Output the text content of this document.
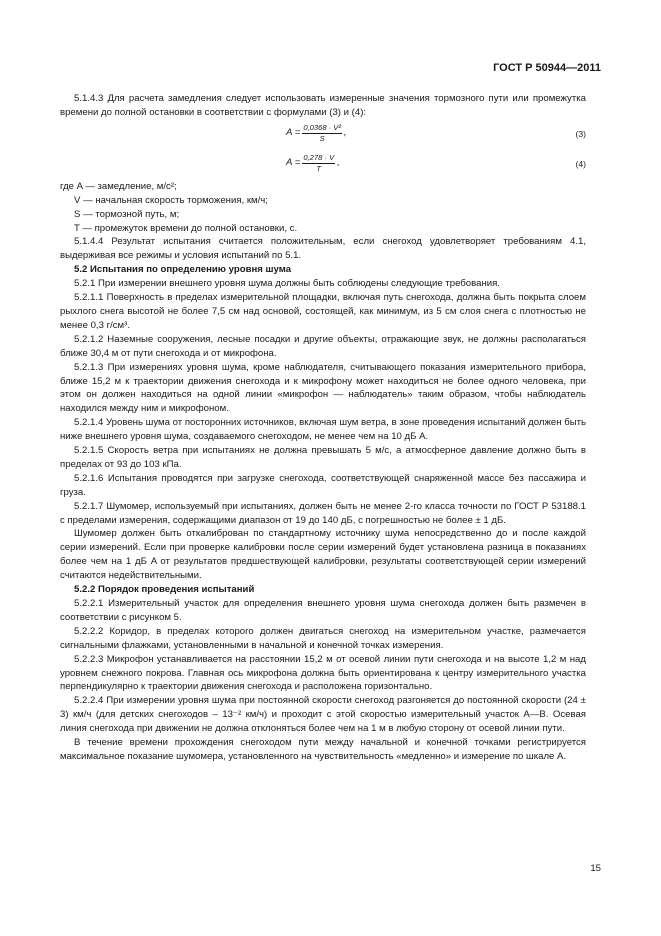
ГОСТ Р 50944—2011

5.1.4.3 Для расчета замедления следует использовать измеренные значения тормозного пути или промежутка времени до полной остановки в соответствии с формулами (3) и (4):

$A = \frac{\text{0,0368 · V²}}{S}$ ,	(3)
$A = \frac{0,278 \cdot V}{T}$ ,	(4)
где A — замедление, м/с²;
V — начальная скорость торможения, км/ч;
S — тормозной путь, м;
T — промежуток времени до полной остановки, с.

5.1.4.4 Результат испытания считается положительным, если снегоход удовлетворяет требованиям 4.1, выдерживая все режимы и условия испытаний по 5.1.

5.2 Испытания по определению уровня шума

5.2.1 При измерении внешнего уровня шума должны быть соблюдены следующие требования.

5.2.1.1 Поверхность в пределах измерительной площадки, включая путь снегохода, должна быть покрыта слоем рыхлого снега высотой не более 7,5 см над основой, состоящей, как минимум, из 5 см слоя снега с плотностью не менее 0,3 г/см³.

5.2.1.2 Наземные сооружения, лесные посадки и другие объекты, отражающие звук, не должны располагаться ближе 30,4 м от пути снегохода и от микрофона.

5.2.1.3 При измерениях уровня шума, кроме наблюдателя, считывающего показания измерительного прибора, ближе 15,2 м к траектории движения снегохода и к микрофону может находиться не более одного человека, при этом он должен находиться на одной линии «микрофон — наблюдатель» таким образом, чтобы наблюдатель находился между ним и микрофоном.

5.2.1.4 Уровень шума от посторонних источников, включая шум ветра, в зоне проведения испытаний должен быть ниже внешнего уровня шума, создаваемого снегоходом, не менее чем на 10 дБ A.

5.2.1.5 Скорость ветра при испытаниях не должна превышать 5 м/с, а атмосферное давление должно быть в пределах от 93 до 103 кПа.

5.2.1.6 Испытания проводятся при загрузке снегохода, соответствующей снаряженной массе без пассажира и груза.

5.2.1.7 Шумомер, используемый при испытаниях, должен быть не менее 2-го класса точности по ГОСТ Р 53188.1 с пределами измерения, содержащими диапазон от 19 до 140 дБ, с погрешностью не более ± 1 дБ.

Шумомер должен быть откалиброван по стандартному источнику шума непосредственно до и после каждой серии измерений. Если при проверке калибровки после серии измерений будет установлена разница в показаниях более чем на 1 дБ A от результатов предшествующей калибровки, результаты соответствующей серии измерений считаются недействительными.

5.2.2 Порядок проведения испытаний

5.2.2.1 Измерительный участок для определения внешнего уровня шума снегохода должен быть размечен в соответствии с рисунком 5.

5.2.2.2 Коридор, в пределах которого должен двигаться снегоход на измерительном участке, размечается сигнальными флажками, установленными в начальной и конечной точках измерения.

5.2.2.3 Микрофон устанавливается на расстоянии 15,2 м от осевой линии пути снегохода и на высоте 1,2 м над уровнем снежного покрова. Главная ось микрофона должна быть ориентирована к центру измерительного участка перпендикулярно к траектории движения снегохода и расположена горизонтально.

5.2.2.4 При измерении уровня шума при постоянной скорости снегоход разгоняется до постоянной скорости (24 ± 3) км/ч (для детских снегоходов – 13⁻² км/ч) и проходит с этой скоростью измерительный участок A—B. Осевая линия снегохода при движении не должна отклоняться более чем на 1 м в любую сторону от осевой линии пути.

В течение времени прохождения снегоходом пути между начальной и конечной точками регистрируется максимальное показание шумомера, установленного на чувствительность «медленно» и измерение по шкале A.

15
